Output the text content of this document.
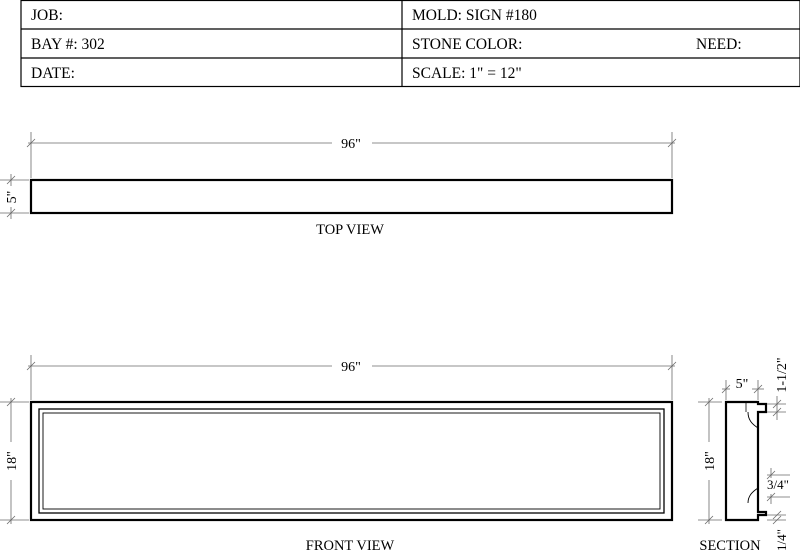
JOB:	MOLD: SIGN #180
BAY #: 302	STONE COLOR:	NEED:
DATE:	SCALE: 1" = 12"
96"
5"
TOP VIEW
96"
18"
FRONT VIEW
5"
18"
1-1/2"
3/4"
1/4"
SECTION
